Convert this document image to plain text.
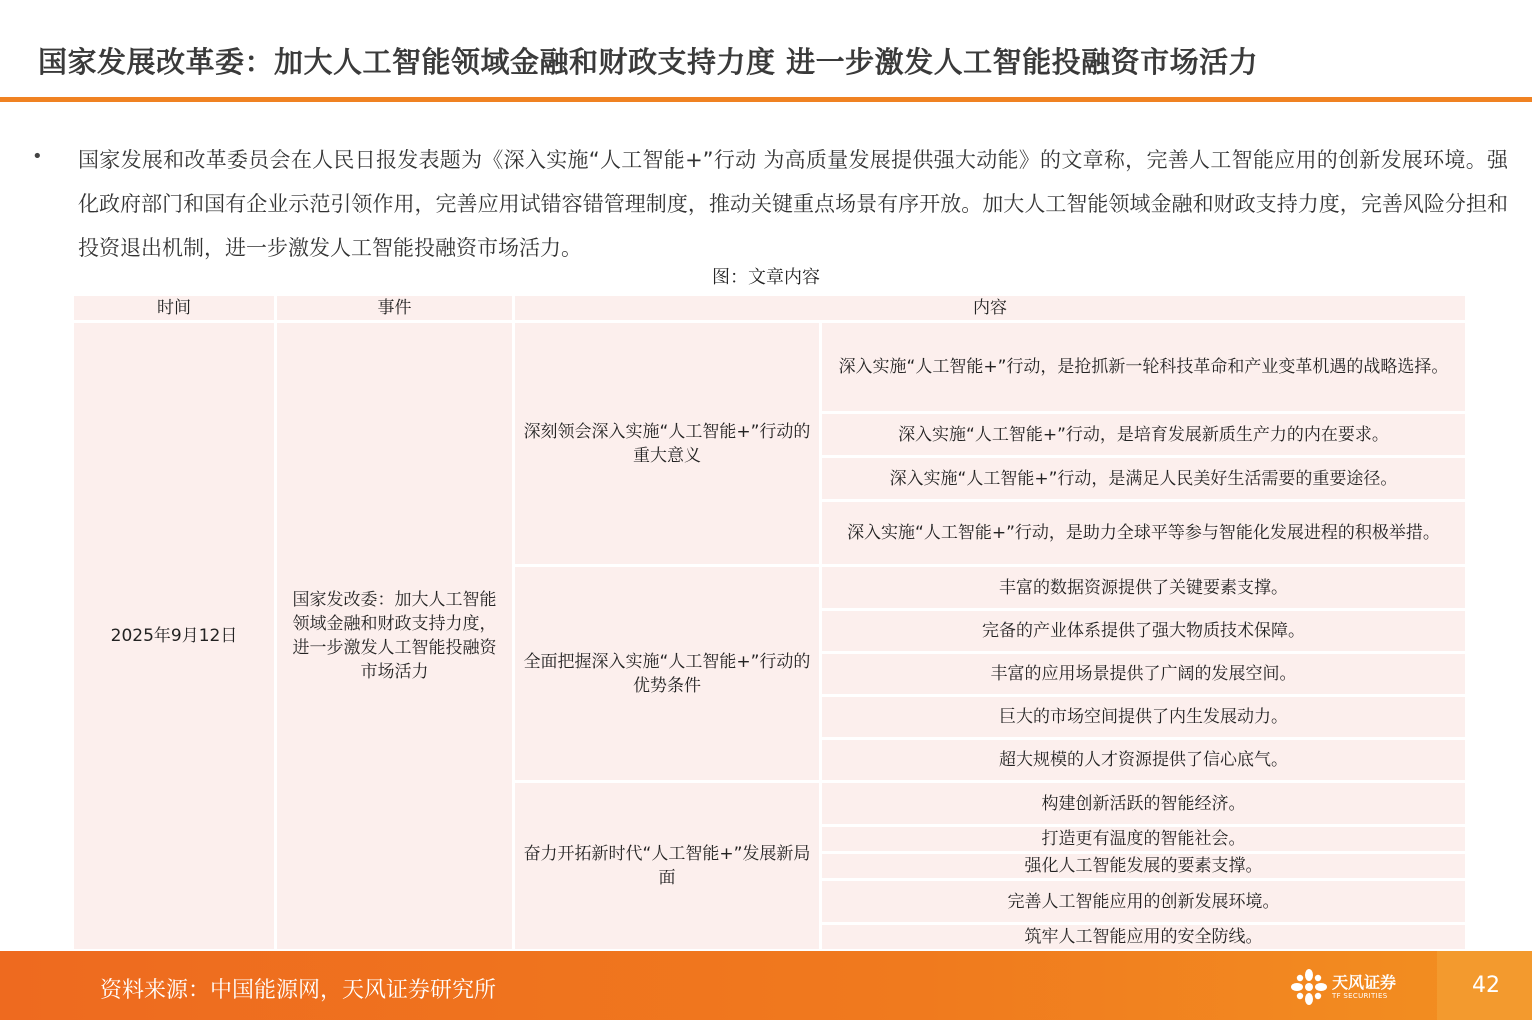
国家发展改革委：加大人工智能领域金融和财政支持力度 进一步激发人工智能投融资市场活力
• 国家发展和改革委员会在人民日报发表题为《深入实施“人工智能+”行动 为高质量发展提供强大动能》的文章称，完善人工智能应用的创新发展环境。强化政府部门和国有企业示范引领作用，完善应用试错容错管理制度，推动关键重点场景有序开放。加大人工智能领域金融和财政支持力度，完善风险分担和投资退出机制，进一步激发人工智能投融资市场活力。
图：文章内容
时间	事件	内容	
2025年9月12日	国家发改委：加大人工智能领域金融和财政支持力度，进一步激发人工智能投融资市场活力	深刻领会深入实施“人工智能+”行动的重大意义	深入实施“人工智能+”行动，是抢抓新一轮科技革命和产业变革机遇的战略选择。
			深入实施“人工智能+”行动，是培育发展新质生产力的内在要求。
			深入实施“人工智能+”行动，是满足人民美好生活需要的重要途径。
			深入实施“人工智能+”行动，是助力全球平等参与智能化发展进程的积极举措。
		全面把握深入实施“人工智能+”行动的优势条件	丰富的数据资源提供了关键要素支撑。
			完备的产业体系提供了强大物质技术保障。
			丰富的应用场景提供了广阔的发展空间。
			巨大的市场空间提供了内生发展动力。
			超大规模的人才资源提供了信心底气。
		奋力开拓新时代“人工智能+”发展新局面	构建创新活跃的智能经济。
			打造更有温度的智能社会。
			强化人工智能发展的要素支撑。
			完善人工智能应用的创新发展环境。
			筑牢人工智能应用的安全防线。
资料来源：中国能源网，天风证券研究所	天风证券
TF SECURITIES	42
